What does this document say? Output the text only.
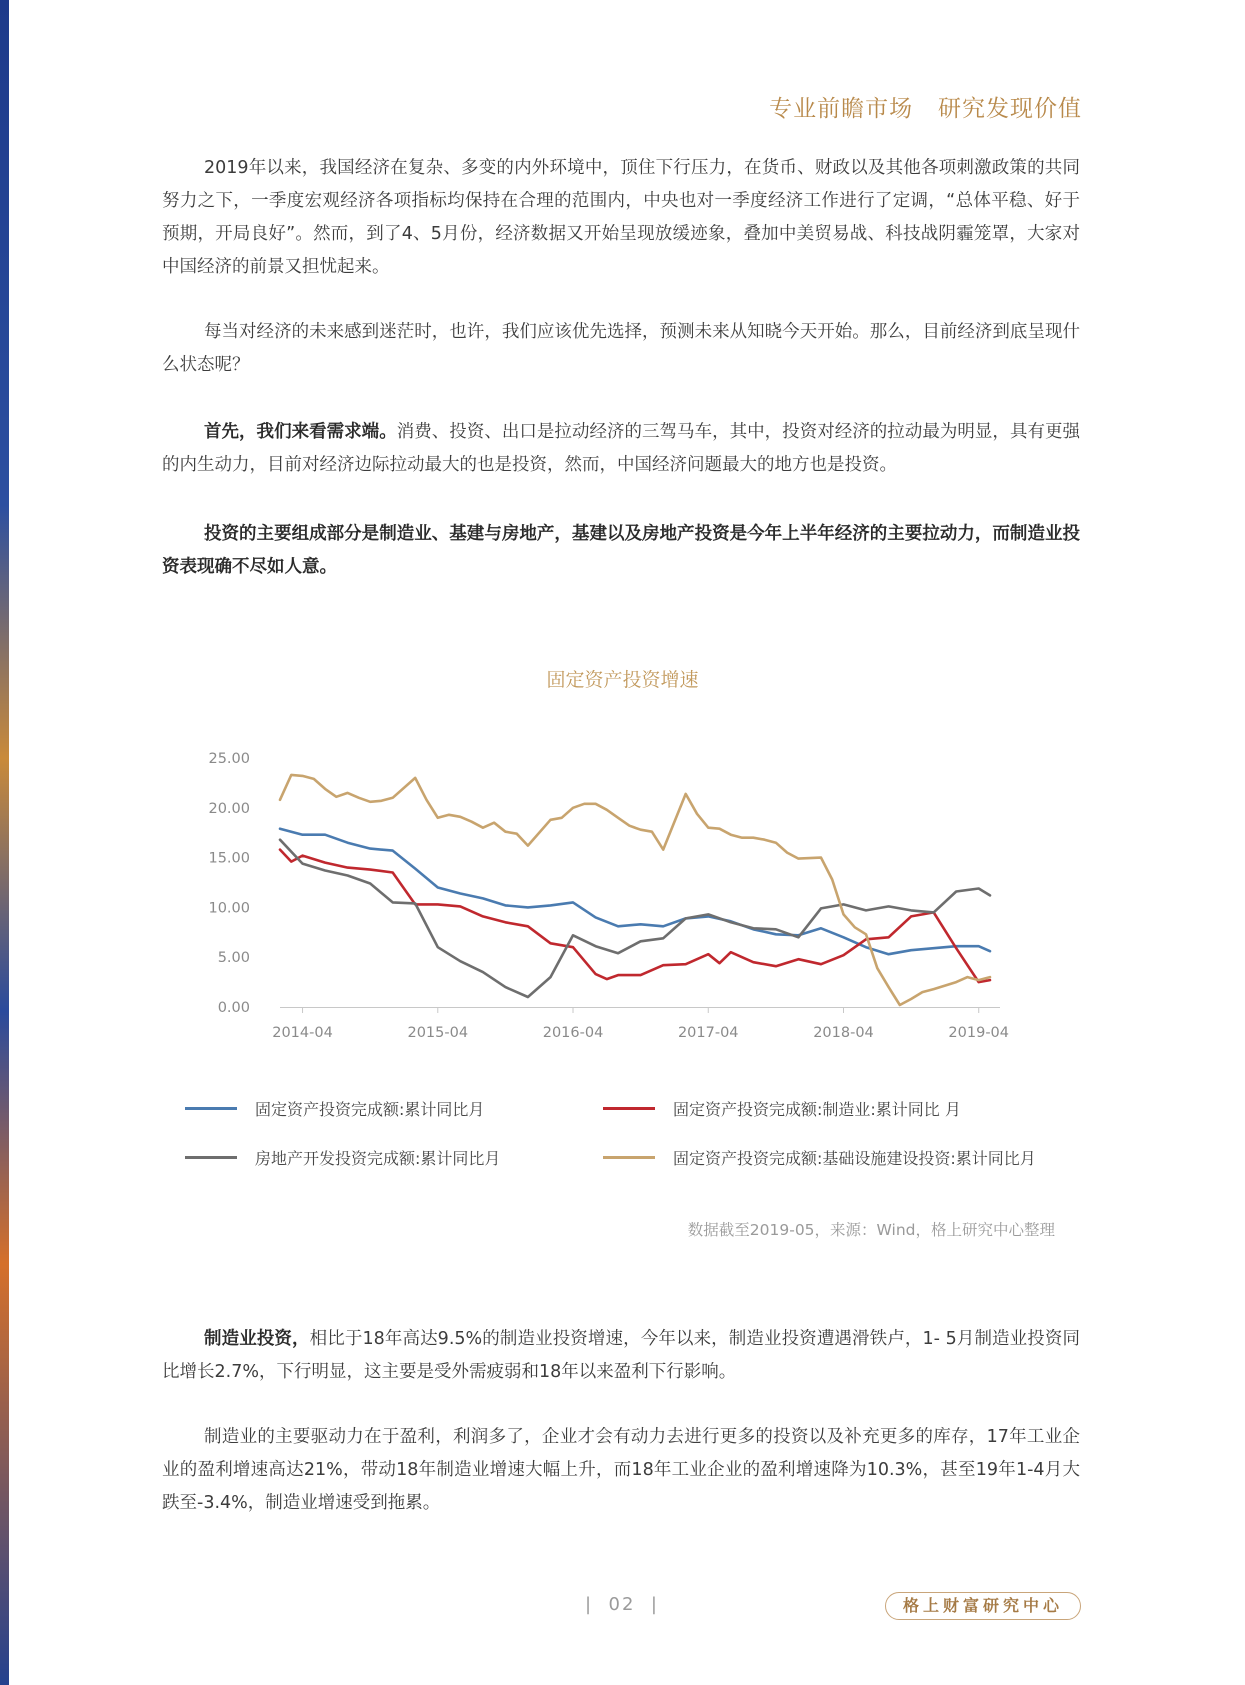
专业前瞻市场   研究发现价值

2019年以来，我国经济在复杂、多变的内外环境中，顶住下行压力，在货币、财政以及其他各项刺激政策的共同努力之下，一季度宏观经济各项指标均保持在合理的范围内，中央也对一季度经济工作进行了定调，“总体平稳、好于预期，开局良好”。然而，到了4、5月份，经济数据又开始呈现放缓迹象，叠加中美贸易战、科技战阴霾笼罩，大家对中国经济的前景又担忧起来。

每当对经济的未来感到迷茫时，也许，我们应该优先选择，预测未来从知晓今天开始。那么，目前经济到底呈现什么状态呢？

首先，我们来看需求端。消费、投资、出口是拉动经济的三驾马车，其中，投资对经济的拉动最为明显，具有更强的内生动力，目前对经济边际拉动最大的也是投资，然而，中国经济问题最大的地方也是投资。

投资的主要组成部分是制造业、基建与房地产，基建以及房地产投资是今年上半年经济的主要拉动力，而制造业投资表现确不尽如人意。

固定资产投资增速
25.00
20.00
15.00
10.00
5.00
0.00
2014-04	2015-04	2016-04	2017-04	2018-04	2019-04
固定资产投资完成额:累计同比月	固定资产投资完成额:制造业:累计同比 月
房地产开发投资完成额:累计同比月	固定资产投资完成额:基础设施建设投资:累计同比月
数据截至2019-05，来源：Wind，格上研究中心整理

制造业投资，相比于18年高达9.5%的制造业投资增速，今年以来，制造业投资遭遇滑铁卢，1- 5月制造业投资同比增长2.7%，下行明显，这主要是受外需疲弱和18年以来盈利下行影响。

制造业的主要驱动力在于盈利，利润多了，企业才会有动力去进行更多的投资以及补充更多的库存，17年工业企业的盈利增速高达21%，带动18年制造业增速大幅上升，而18年工业企业的盈利增速降为10.3%，甚至19年1-4月大跌至-3.4%，制造业增速受到拖累。

|  02  |	格上财富研究中心
